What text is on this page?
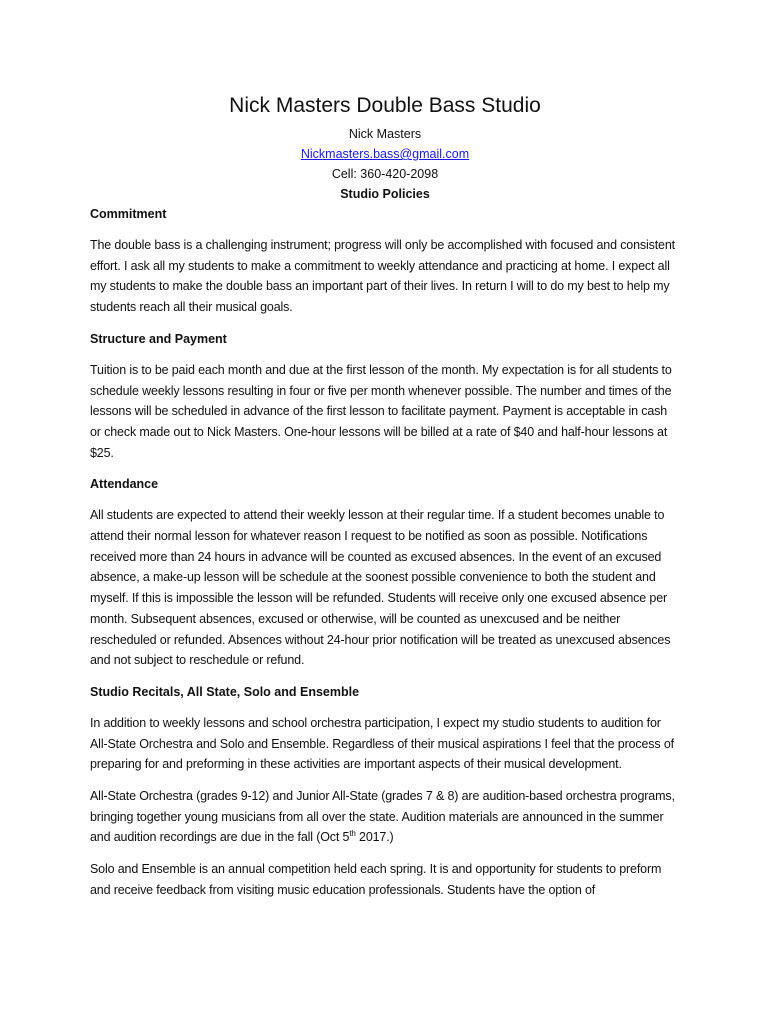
Nick Masters Double Bass Studio

Nick Masters

Nickmasters.bass@gmail.com

Cell: 360-420-2098

Studio Policies

Commitment

The double bass is a challenging instrument; progress will only be accomplished with focused and consistent effort. I ask all my students to make a commitment to weekly attendance and practicing at home. I expect all my students to make the double bass an important part of their lives. In return I will to do my best to help my students reach all their musical goals.

Structure and Payment

Tuition is to be paid each month and due at the first lesson of the month. My expectation is for all students to schedule weekly lessons resulting in four or five per month whenever possible. The number and times of the lessons will be scheduled in advance of the first lesson to facilitate payment. Payment is acceptable in cash or check made out to Nick Masters. One-hour lessons will be billed at a rate of $40 and half-hour lessons at $25.

Attendance

All students are expected to attend their weekly lesson at their regular time. If a student becomes unable to attend their normal lesson for whatever reason I request to be notified as soon as possible. Notifications received more than 24 hours in advance will be counted as excused absences. In the event of an excused absence, a make-up lesson will be schedule at the soonest possible convenience to both the student and myself. If this is impossible the lesson will be refunded. Students will receive only one excused absence per month. Subsequent absences, excused or otherwise, will be counted as unexcused and be neither rescheduled or refunded. Absences without 24-hour prior notification will be treated as unexcused absences and not subject to reschedule or refund.

Studio Recitals, All State, Solo and Ensemble

In addition to weekly lessons and school orchestra participation, I expect my studio students to audition for All-State Orchestra and Solo and Ensemble. Regardless of their musical aspirations I feel that the process of preparing for and preforming in these activities are important aspects of their musical development.

All-State Orchestra (grades 9-12) and Junior All-State (grades 7 & 8) are audition-based orchestra programs, bringing together young musicians from all over the state. Audition materials are announced in the summer and audition recordings are due in the fall (Oct 5th 2017.)

Solo and Ensemble is an annual competition held each spring. It is and opportunity for students to preform and receive feedback from visiting music education professionals. Students have the option of
